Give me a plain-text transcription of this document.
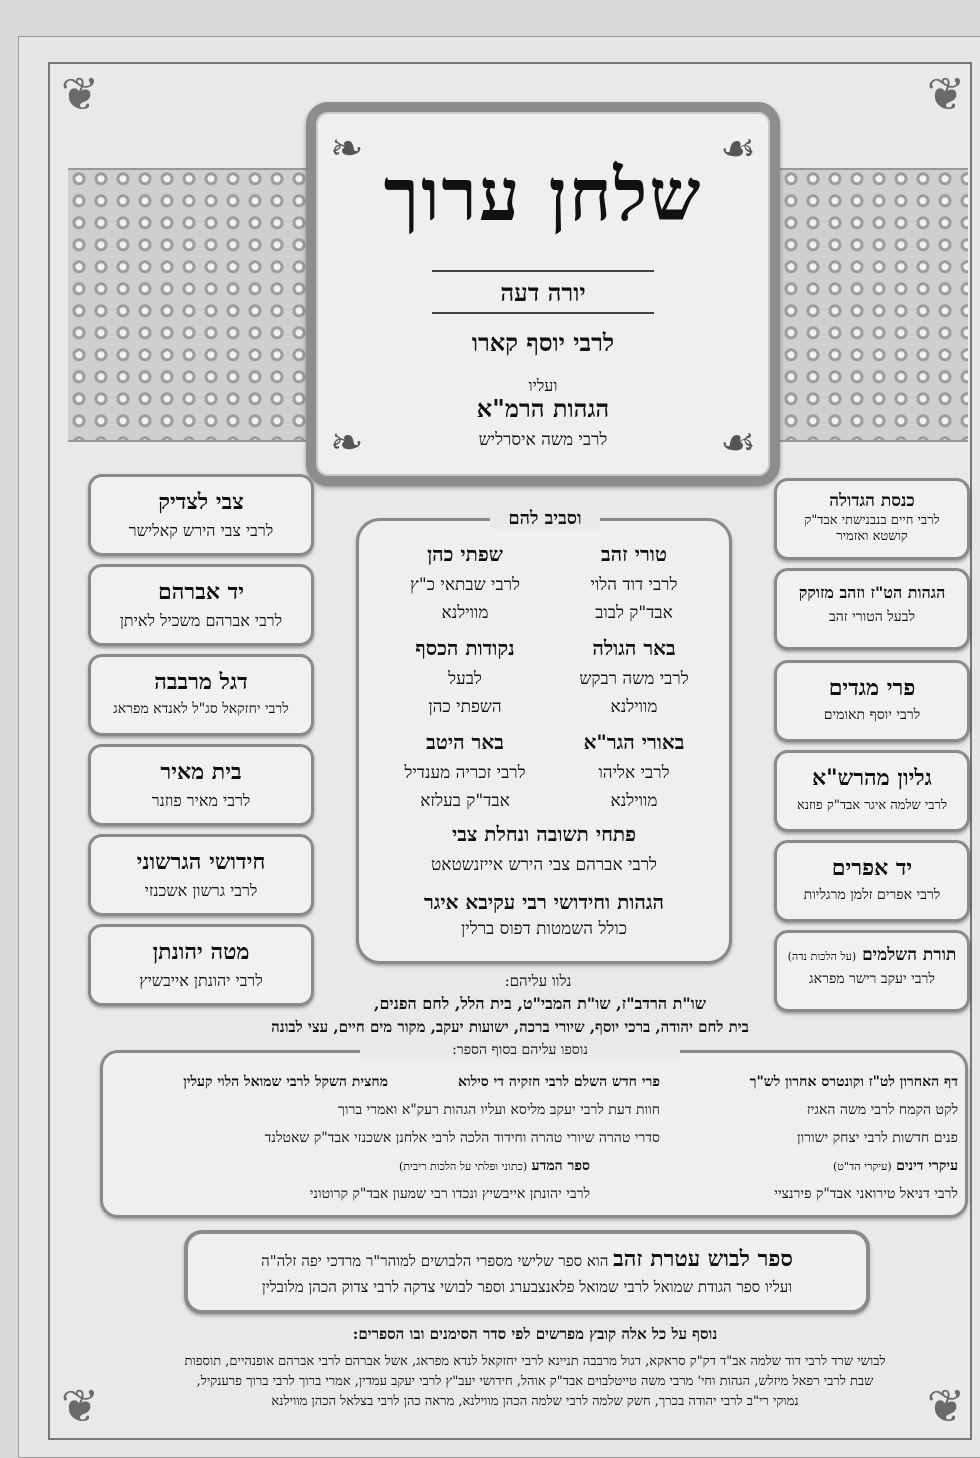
❦	❦
❦	❦
❧	☙
❧	☙
שלחן ערוך
יורה דעה
לרבי יוסף קארו
ועליו
הגהות הרמ"א
לרבי משה איסרליש
צבי לצדיק
לרבי צבי הירש קאלישר
יד אברהם
לרבי אברהם משכיל לאיתן
דגל מרבבה
לרבי יחזקאל סג"ל לאנדא מפראג
בית מאיר
לרבי מאיר פוזנר
חידושי הגרשוני
לרבי גרשון אשכנזי
מטה יהונתן
לרבי יהונתן אייבשיץ
כנסת הגדולה
לרבי חיים בנבנישתי אבד"ק קושטא ואזמיר
הגהות הט"ז וזהב מזוקק
לבעל הטורי זהב
פרי מגדים
לרבי יוסף תאומים
גליון מהרש"א
לרבי שלמה איגר אבד"ק פוזנא
יד אפרים
לרבי אפרים זלמן מרגליות
תורת השלמים (על הלכות נדה)
לרבי יעקב רישר מפראג
וסביב להם
טורי זהב
לרבי דוד הלוי
אבד"ק לבוב
שפתי כהן
לרבי שבתאי כ"ץ
מווילנא
באר הגולה
לרבי משה רבקש
מווילנא
נקודות הכסף
לבעל
השפתי כהן
באורי הגר"א
לרבי אליהו
מווילנא
באר היטב
לרבי זכריה מענדיל
אבד"ק בעלזא
פתחי תשובה ונחלת צבי
לרבי אברהם צבי הירש אייזנשטאט
הגהות וחידושי רבי עקיבא איגר
כולל השמטות דפוס ברלין
נלוו עליהם:
שו"ת הרדב"ז, שו"ת המבי"ט, בית הלל, לחם הפנים,
בית לחם יהודה, ברכי יוסף, שיורי ברכה, ישועות יעקב, מקור מים חיים, עצי לבונה
נוספו עליהם בסוף הספר:
דף האחרון לט"ז וקונטרס אחרון לש"ך
פרי חדש השלם לרבי חזקיה די סילוא
מחצית השקל לרבי שמואל הלוי קעלין
לקט הקמח לרבי משה האגיז
חוות דעת לרבי יעקב מליסא ועליו הגהות רעק"א ואמרי ברוך
פנים חדשות לרבי יצחק ישורון
סדרי טהרה שיורי טהרה וחידוד הלכה לרבי אלחנן אשכנזי אבד"ק שאטלנד
עיקרי דינים (עיקרי הד"ט)
ספר המדע (כתוני ופלתי על הלכות ריבית)
לרבי דניאל טירואני אבד"ק פירנציי
לרבי יהונתן אייבשיץ ונכדו רבי שמעון אבד"ק קרוטוני
ספר לבוש עטרת זהב הוא ספר שלישי מספרי הלבושים למוהר"ר מרדכי יפה זלה"ה
ועליו ספר הגודת שמואל לרבי שמואל פלאנצבערג וספר לבושי צדקה לרבי צדוק הכהן מלובלין
נוסף על כל אלה קובץ מפרשים לפי סדר הסימנים ובו הספרים:
לבושי שרד לרבי דוד שלמה אב"ד דק"ק סראקא, דגול מרבבה תניינא לרבי יחזקאל לנדא מפראג, אשל אברהם לרבי אברהם אופנהיים, תוספות
שבת לרבי רפאל מיזלש, הגהות וחי' מרבי משה טייטלבוים אבד"ק אוהל, חידושי יעב"ץ לרבי יעקב עמדין, אמרי ברוך לרבי ברוך פרענקיל,
נמוקי רי"ב לרבי יהודה בכרך, חשק שלמה לרבי שלמה הכהן מווילנא, מראה כהן לרבי בצלאל הכהן מווילנא
